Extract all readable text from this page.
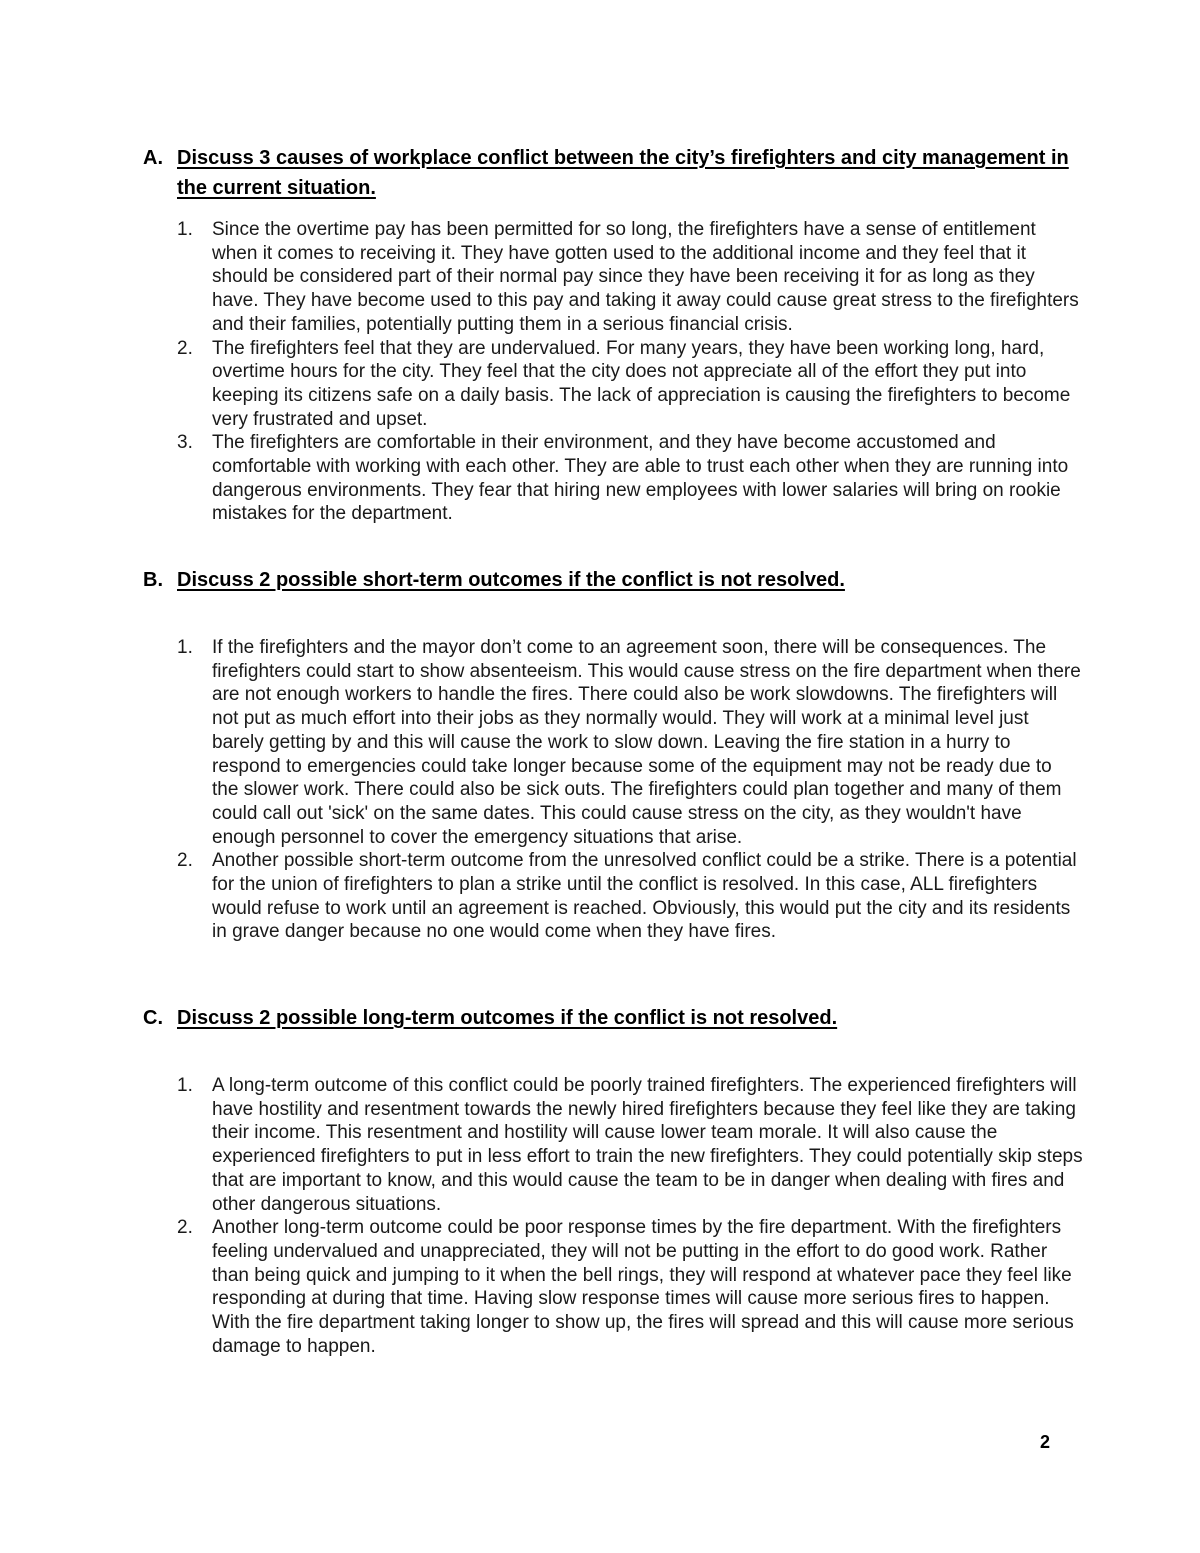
A. Discuss 3 causes of workplace conflict between the city’s firefighters and city management in the current situation.
1. Since the overtime pay has been permitted for so long, the firefighters have a sense of entitlement when it comes to receiving it. They have gotten used to the additional income and they feel that it should be considered part of their normal pay since they have been receiving it for as long as they have. They have become used to this pay and taking it away could cause great stress to the firefighters and their families, potentially putting them in a serious financial crisis.
2. The firefighters feel that they are undervalued. For many years, they have been working long, hard, overtime hours for the city. They feel that the city does not appreciate all of the effort they put into keeping its citizens safe on a daily basis. The lack of appreciation is causing the firefighters to become very frustrated and upset.
3. The firefighters are comfortable in their environment, and they have become accustomed and comfortable with working with each other. They are able to trust each other when they are running into dangerous environments. They fear that hiring new employees with lower salaries will bring on rookie mistakes for the department.
B. Discuss 2 possible short-term outcomes if the conflict is not resolved.
1. If the firefighters and the mayor don’t come to an agreement soon, there will be consequences. The firefighters could start to show absenteeism. This would cause stress on the fire department when there are not enough workers to handle the fires. There could also be work slowdowns. The firefighters will not put as much effort into their jobs as they normally would. They will work at a minimal level just barely getting by and this will cause the work to slow down. Leaving the fire station in a hurry to respond to emergencies could take longer because some of the equipment may not be ready due to the slower work. There could also be sick outs. The firefighters could plan together and many of them could call out 'sick' on the same dates. This could cause stress on the city, as they wouldn't have enough personnel to cover the emergency situations that arise.
2. Another possible short-term outcome from the unresolved conflict could be a strike. There is a potential for the union of firefighters to plan a strike until the conflict is resolved. In this case, ALL firefighters would refuse to work until an agreement is reached. Obviously, this would put the city and its residents in grave danger because no one would come when they have fires.
C. Discuss 2 possible long-term outcomes if the conflict is not resolved.
1. A long-term outcome of this conflict could be poorly trained firefighters. The experienced firefighters will have hostility and resentment towards the newly hired firefighters because they feel like they are taking their income. This resentment and hostility will cause lower team morale. It will also cause the experienced firefighters to put in less effort to train the new firefighters. They could potentially skip steps that are important to know, and this would cause the team to be in danger when dealing with fires and other dangerous situations.
2. Another long-term outcome could be poor response times by the fire department. With the firefighters feeling undervalued and unappreciated, they will not be putting in the effort to do good work. Rather than being quick and jumping to it when the bell rings, they will respond at whatever pace they feel like responding at during that time. Having slow response times will cause more serious fires to happen. With the fire department taking longer to show up, the fires will spread and this will cause more serious damage to happen.
2
